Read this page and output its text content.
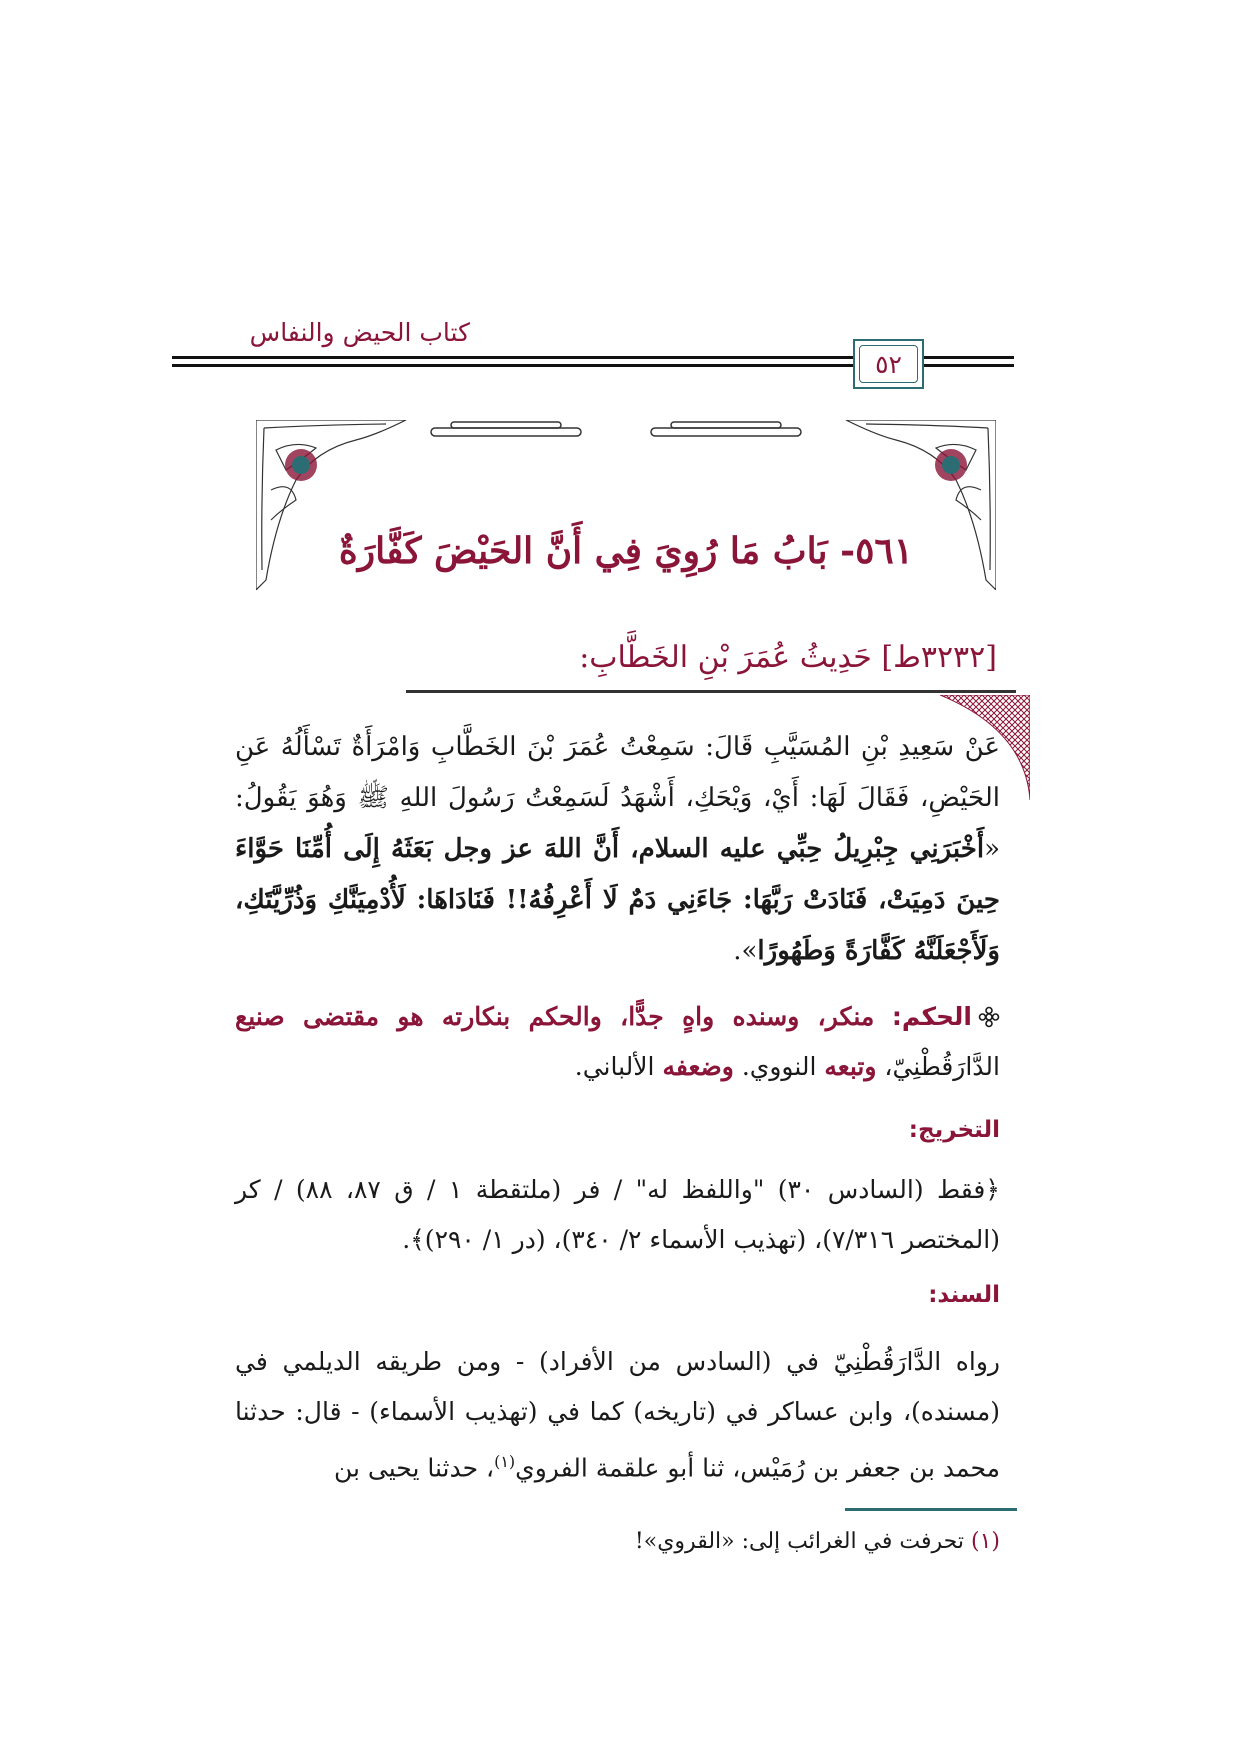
كتاب الحيض والنفاس
٥٢
٥٦١- بَابُ مَا رُوِيَ فِي أَنَّ الحَيْضَ كَفَّارَةٌ
[٣٢٣٢ط] حَدِيثُ عُمَرَ بْنِ الخَطَّابِ:
عَنْ سَعِيدِ بْنِ المُسَيَّبِ قَالَ: سَمِعْتُ عُمَرَ بْنَ الخَطَّابِ وَامْرَأَةٌ تَسْأَلُهُ عَنِ الحَيْضِ، فَقَالَ لَهَا: أَيْ، وَيْحَكِ، أَشْهَدُ لَسَمِعْتُ رَسُولَ اللهِ ﷺ وَهُوَ يَقُولُ: «أَخْبَرَنِي جِبْرِيلُ حِبِّي عليه السلام، أَنَّ اللهَ عز وجل بَعَثَهُ إِلَى أُمِّنَا حَوَّاءَ حِينَ دَمِيَتْ، فَنَادَتْ رَبَّهَا: جَاءَنِي دَمٌ لَا أَعْرِفُهُ!! فَنَادَاهَا: لَأُدْمِيَنَّكِ وَذُرِّيَّتَكِ، وَلَأَجْعَلَنَّهُ كَفَّارَةً وَطَهُورًا».
الحكم: منكر، وسنده واهٍ جدًّا، والحكم بنكارته هو مقتضى صنيع الدَّارَقُطْنِيّ، وتبعه النووي. وضعفه الألباني.
التخريج:
﴿فقط (السادس ٣٠) "واللفظ له" / فر (ملتقطة ١ / ق ٨٧، ٨٨) / كر (المختصر ٧/٣١٦)، (تهذيب الأسماء ٢/ ٣٤٠)، (در ١/ ٢٩٠)﴾.
السند:
رواه الدَّارَقُطْنِيّ في (السادس من الأفراد) - ومن طريقه الديلمي في (مسنده)، وابن عساكر في (تاريخه) كما في (تهذيب الأسماء) - قال: حدثنا محمد بن جعفر بن رُمَيْس، ثنا أبو علقمة الفروي$^{(١)}$، حدثنا يحيى بن
(١) تحرفت في الغرائب إلى: «القروي»!
